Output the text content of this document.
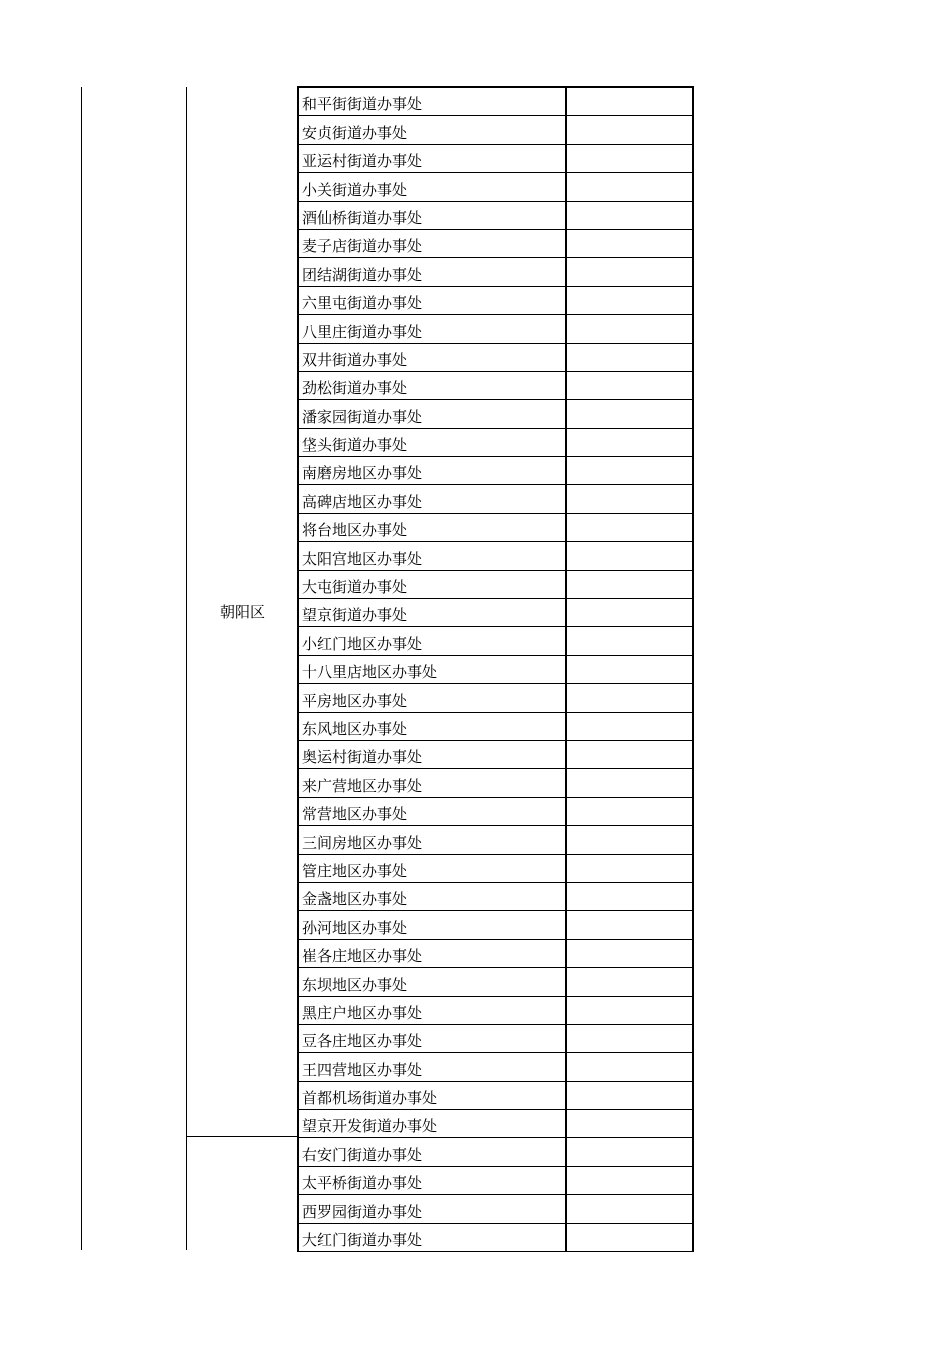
朝阳区
和平街街道办事处
安贞街道办事处
亚运村街道办事处
小关街道办事处
酒仙桥街道办事处
麦子店街道办事处
团结湖街道办事处
六里屯街道办事处
八里庄街道办事处
双井街道办事处
劲松街道办事处
潘家园街道办事处
垡头街道办事处
南磨房地区办事处
高碑店地区办事处
将台地区办事处
太阳宫地区办事处
大屯街道办事处
望京街道办事处
小红门地区办事处
十八里店地区办事处
平房地区办事处
东风地区办事处
奥运村街道办事处
来广营地区办事处
常营地区办事处
三间房地区办事处
管庄地区办事处
金盏地区办事处
孙河地区办事处
崔各庄地区办事处
东坝地区办事处
黑庄户地区办事处
豆各庄地区办事处
王四营地区办事处
首都机场街道办事处
望京开发街道办事处
右安门街道办事处
太平桥街道办事处
西罗园街道办事处
大红门街道办事处
